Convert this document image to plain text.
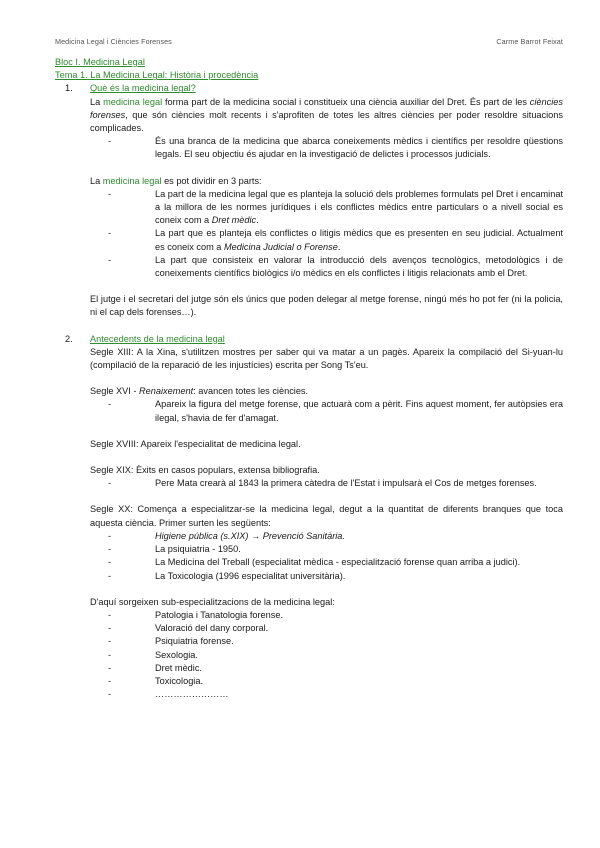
Medicina Legal i Ciències Forenses	Carme Barrot Feixat
Bloc I. Medicina Legal
Tema 1. La Medicina Legal: Història i procedència
1.	Què és la medicina legal?

La medicina legal forma part de la medicina social i constitueix una ciència auxiliar del Dret. És part de les ciències forenses, que són ciències molt recents i s'aprofiten de totes les altres ciències per poder resoldre situacions complicades.

- És una branca de la medicina que abarca coneixements mèdics i científics per resoldre qüestions legals. El seu objectiu és ajudar en la investigació de delictes i processos judicials.

La medicina legal es pot dividir en 3 parts:

- La part de la medicina legal que es planteja la solució dels problemes formulats pel Dret i encaminat a la millora de les normes jurídiques i els conflictes mèdics entre particulars o a nivell social es coneix com a Dret mèdic.
- La part que es planteja els conflictes o litigis mèdics que es presenten en seu judicial. Actualment es coneix com a Medicina Judicial o Forense.
- La part que consisteix en valorar la introducció dels avenços tecnològics, metodològics i de coneixements científics biològics i/o mèdics en els conflictes i litigis relacionats amb el Dret.

El jutge i el secretari del jutge són els únics que poden delegar al metge forense, ningú més ho pot fer (ni la policia, ni el cap dels forenses…).

2.	Antecedents de la medicina legal

Segle XIII: A la Xina, s'utilitzen mostres per saber qui va matar a un pagès. Apareix la compilació del Si-yuan-lu (compilació de la reparació de les injustícies) escrita per Song Ts'eu.

Segle XVI - Renaixement: avancen totes les ciències.

- Apareix la figura del metge forense, que actuarà com a pèrit. Fins aquest moment, fer autòpsies era ilegal, s'havia de fer d'amagat.

Segle XVIII: Apareix l'especialitat de medicina legal.

Segle XIX: Èxits en casos populars, extensa bibliografia.

- Pere Mata crearà al 1843 la primera càtedra de l'Estat i impulsarà el Cos de metges forenses.

Segle XX: Comença a especialitzar-se la medicina legal, degut a la quantitat de diferents branques que toca aquesta ciència. Primer surten les següents:

- Higiene pública (s.XIX) → Prevenció Sanitària.
- La psiquiatria - 1950.
- La Medicina del Treball (especialitat mèdica - especialització forense quan arriba a judici).
- La Toxicologia (1996 especialitat universitària).

D'aquí sorgeixen sub-especialitzacions de la medicina legal:

- Patologia i Tanatologia forense.
- Valoració del dany corporal.
- Psiquiatria forense.
- Sexologia.
- Dret mèdic.
- Toxicologia.
- ……………………
